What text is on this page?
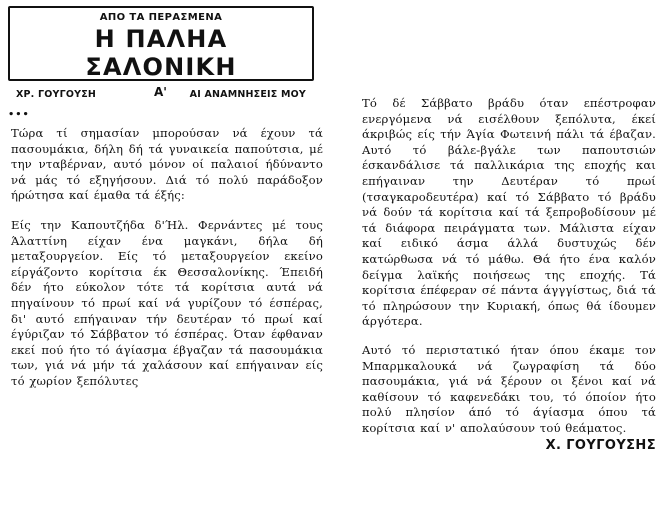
ΑΠΟ ΤΑ ΠΕΡΑΣΜΕΝΑ
Η ΠΑΛΗΑ ΣΑΛΟΝΙΚΗ
ΧΡ. ΓΟΥΓΟΥΣΗ	ΑΙ ΑΝΑΜΝΗΣΕΙΣ ΜΟΥ
Α'
...

Τώρα τί σημασίαν μπορούσαν νά έχουν τά πασουμάκια, δήλη δή τά γυναικεία παπούτσια, μέ την νταβέρναν, αυτό μόνον οί παλαιοί ήδύναντο νά μάς τό εξηγήσουν. Διά τό πολύ παράδοξον ήρώτησα καί έμαθα τά έξής:

Είς την Καπουτζήδα δ'Ήλ. Φερνάντες μέ τους Άλαττίνη είχαν ένα μαγκάνι, δήλα δή μεταξουργείον. Είς τό μεταξουργείον εκείνο είργάζοντο κορίτσια έκ Θεσσαλονίκης. Έπειδή δέν ήτο εύκολον τότε τά κορίτσια αυτά νά πηγαίνουν τό πρωί καί νά γυρίζουν τό έσπέρας, δι' αυτό επήγαιναν τήν δευτέραν τό πρωί καί έγύριζαν τό Σάββατον τό έσπέρας. Όταν έφθαναν εκεί πού ήτο τό άγίασμα έβγαζαν τά πασουμάκια των, γιά νά μήν τά χαλάσουν καί επήγαιναν είς τό χωρίον ξεπόλυτες

Τό δέ Σάββατο βράδυ όταν επέστροφαν ενεργόμενα νά εισέλθουν ξεπόλυτα, έκεί άκριβώς είς τήν Άγία Φωτεινή πάλι τά έβαζαν. Αυτό τό βάλε-βγάλε των παπουτσιών έσκανδάλισε τά παλλικάρια της εποχής και επήγαιναν την Δευτέραν τό πρωί (τσαγκαροδευτέρα) καί τό Σάββατο τό βράδυ νά δούν τά κορίτσια καί τά ξεπροβοδίσουν μέ τά διάφορα πειράγματα των. Μάλιστα είχαν καί ειδικό άσμα άλλά δυστυχώς δέν κατώρθωσα νά τό μάθω. Θά ήτο ένα καλόν δείγμα λαϊκής ποιήσεως της εποχής. Τά κορίτσια έπέφεραν σέ πάντα άγγγίστως, διά τά τό πληρώσουν την Κυριακή, όπως θά ίδουμεν άργότερα.

Αυτό τό περιστατικό ήταν όπου έκαμε τον Μπαρμκαλουκά νά ζωγραφίση τά δύο πασουμάκια, γιά νά ξέρουν οι ξένοι καί νά καθίσουν τό καφενεδάκι του, τό όποίον ήτο πολύ πλησίον άπό τό άγίασμα όπου τά κορίτσια καί ν' απολαύσουν τού θεάματος.

Χ. ΓΟΥΓΟΥΣΗΣ
